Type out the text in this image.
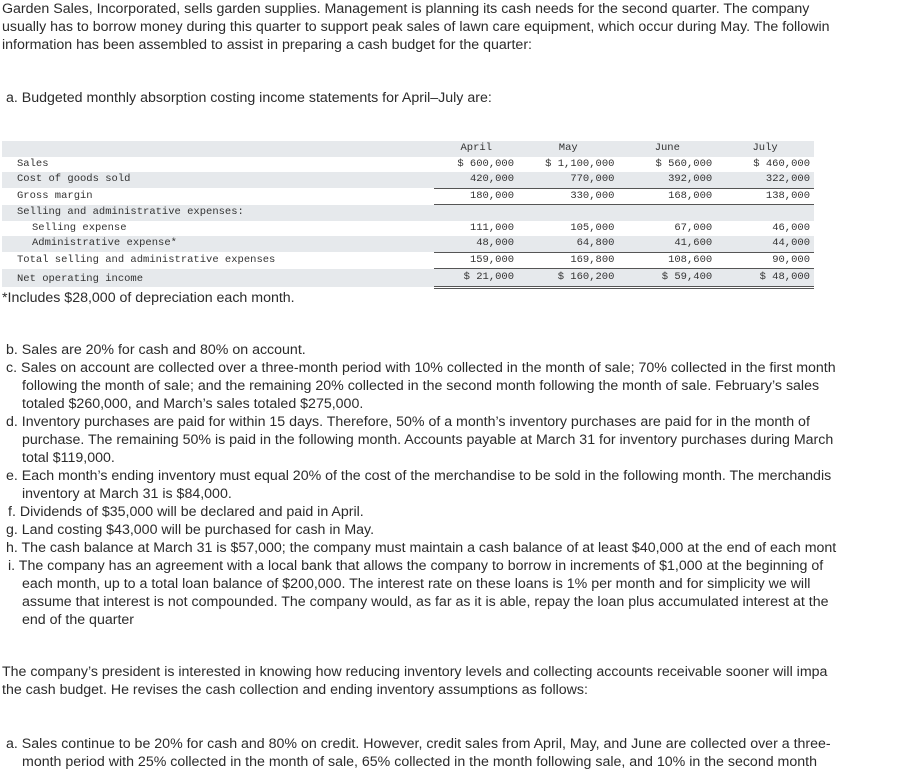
Garden Sales, Incorporated, sells garden supplies. Management is planning its cash needs for the second quarter. The company
usually has to borrow money during this quarter to support peak sales of lawn care equipment, which occur during May. The followin
information has been assembled to assist in preparing a cash budget for the quarter:

a. Budgeted monthly absorption costing income statements for April–July are:

	April	May	June	July
Sales	$ 600,000	$ 1,100,000	$ 560,000	$ 460,000
Cost of goods sold	420,000	770,000	392,000	322,000
Gross margin	180,000	330,000	168,000	138,000
Selling and administrative expenses:				
Selling expense	111,000	105,000	67,000	46,000
Administrative expense*	48,000	64,800	41,600	44,000
Total selling and administrative expenses	159,000	169,800	108,600	90,000
Net operating income	$ 21,000	$ 160,200	$ 59,400	$ 48,000

*Includes $28,000 of depreciation each month.

b. Sales are 20% for cash and 80% on account.

c. Sales on account are collected over a three-month period with 10% collected in the month of sale; 70% collected in the first month
following the month of sale; and the remaining 20% collected in the second month following the month of sale. February’s sales
totaled $260,000, and March’s sales totaled $275,000.
d. Inventory purchases are paid for within 15 days. Therefore, 50% of a month’s inventory purchases are paid for in the month of
purchase. The remaining 50% is paid in the following month. Accounts payable at March 31 for inventory purchases during March
total $119,000.
e. Each month’s ending inventory must equal 20% of the cost of the merchandise to be sold in the following month. The merchandis
inventory at March 31 is $84,000.

f. Dividends of $35,000 will be declared and paid in April.

g. Land costing $43,000 will be purchased for cash in May.

h. The cash balance at March 31 is $57,000; the company must maintain a cash balance of at least $40,000 at the end of each mont

i. The company has an agreement with a local bank that allows the company to borrow in increments of $1,000 at the beginning of
each month, up to a total loan balance of $200,000. The interest rate on these loans is 1% per month and for simplicity we will
assume that interest is not compounded. The company would, as far as it is able, repay the loan plus accumulated interest at the
end of the quarter
The company’s president is interested in knowing how reducing inventory levels and collecting accounts receivable sooner will impa
the cash budget. He revises the cash collection and ending inventory assumptions as follows:
a. Sales continue to be 20% for cash and 80% on credit. However, credit sales from April, May, and June are collected over a three-
month period with 25% collected in the month of sale, 65% collected in the month following sale, and 10% in the second month
